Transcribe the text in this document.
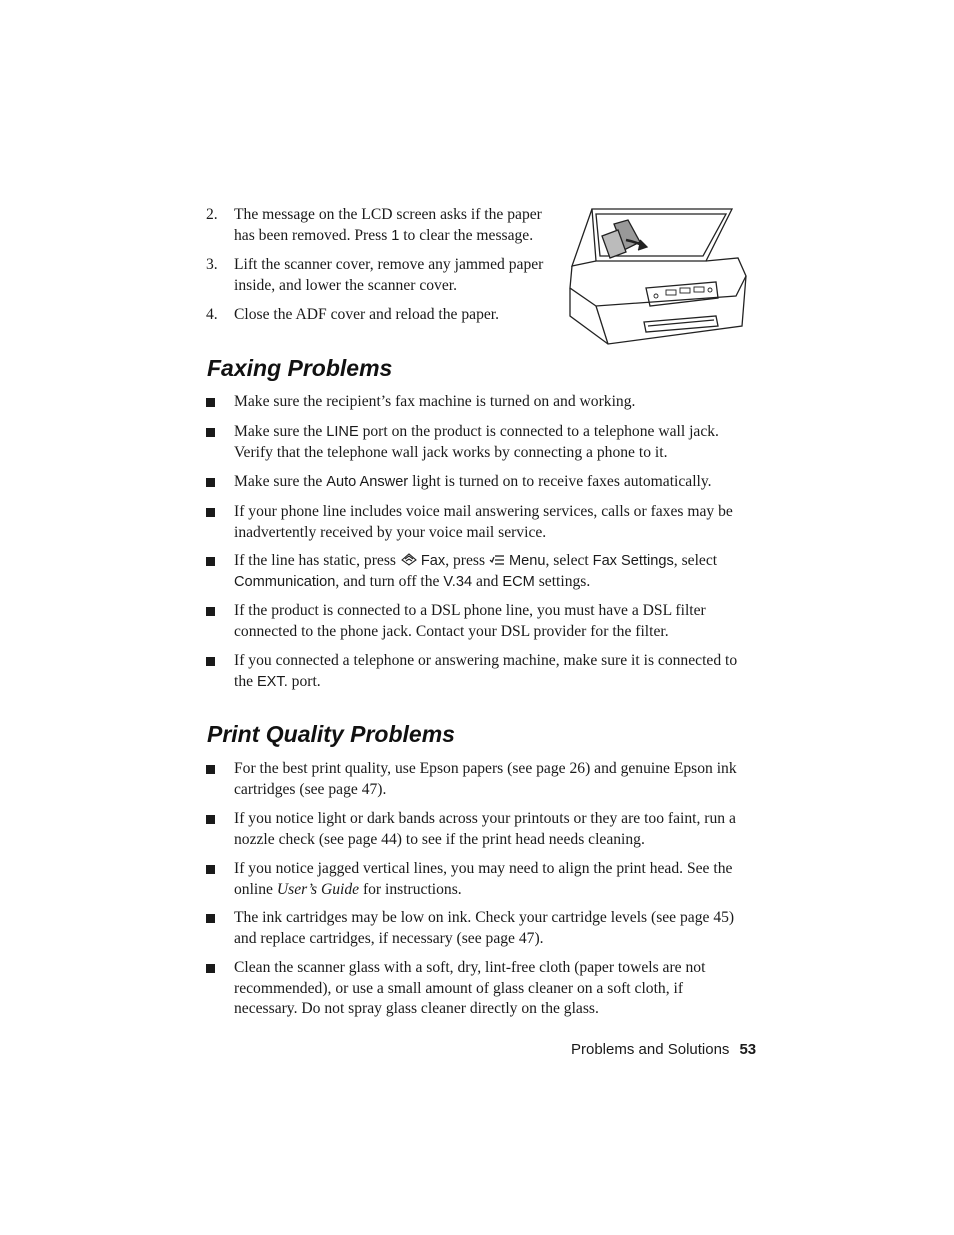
2. The message on the LCD screen asks if the paper has been removed. Press 1 to clear the message.
3. Lift the scanner cover, remove any jammed paper inside, and lower the scanner cover.
4. Close the ADF cover and reload the paper.
Faxing Problems
Make sure the recipient’s fax machine is turned on and working.
Make sure the LINE port on the product is connected to a telephone wall jack. Verify that the telephone wall jack works by connecting a phone to it.
Make sure the Auto Answer light is turned on to receive faxes automatically.
If your phone line includes voice mail answering services, calls or faxes may be inadvertently received by your voice mail service.
If the line has static, press Fax, press Menu, select Fax Settings, select Communication, and turn off the V.34 and ECM settings.
If the product is connected to a DSL phone line, you must have a DSL filter connected to the phone jack. Contact your DSL provider for the filter.
If you connected a telephone or answering machine, make sure it is connected to the EXT. port.
Print Quality Problems
For the best print quality, use Epson papers (see page 26) and genuine Epson ink cartridges (see page 47).
If you notice light or dark bands across your printouts or they are too faint, run a nozzle check (see page 44) to see if the print head needs cleaning.
If you notice jagged vertical lines, you may need to align the print head. See the online User’s Guide for instructions.
The ink cartridges may be low on ink. Check your cartridge levels (see page 45) and replace cartridges, if necessary (see page 47).
Clean the scanner glass with a soft, dry, lint-free cloth (paper towels are not recommended), or use a small amount of glass cleaner on a soft cloth, if necessary. Do not spray glass cleaner directly on the glass.
Problems and Solutions 53
